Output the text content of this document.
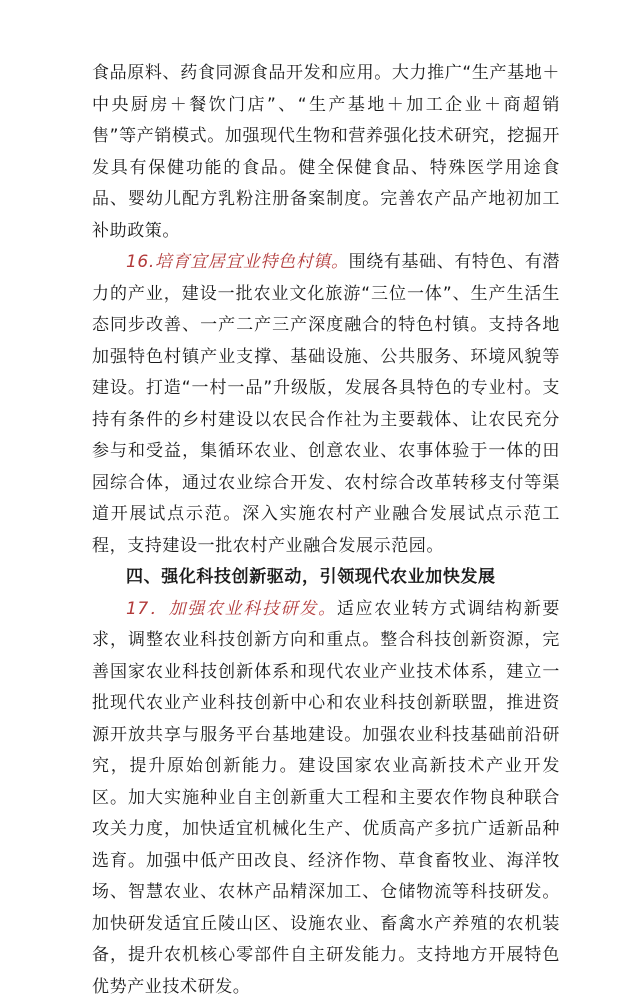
食品原料、药食同源食品开发和应用。大力推广“生产基地＋中央厨房＋餐饮门店”、“生产基地＋加工企业＋商超销售”等产销模式。加强现代生物和营养强化技术研究，挖掘开发具有保健功能的食品。健全保健食品、特殊医学用途食品、婴幼儿配方乳粉注册备案制度。完善农产品产地初加工补助政策。

16.培育宜居宜业特色村镇。围绕有基础、有特色、有潜力的产业，建设一批农业文化旅游“三位一体”、生产生活生态同步改善、一产二产三产深度融合的特色村镇。支持各地加强特色村镇产业支撑、基础设施、公共服务、环境风貌等建设。打造“一村一品”升级版，发展各具特色的专业村。支持有条件的乡村建设以农民合作社为主要载体、让农民充分参与和受益，集循环农业、创意农业、农事体验于一体的田园综合体，通过农业综合开发、农村综合改革转移支付等渠道开展试点示范。深入实施农村产业融合发展试点示范工程，支持建设一批农村产业融合发展示范园。

四、强化科技创新驱动，引领现代农业加快发展

17．加强农业科技研发。适应农业转方式调结构新要求，调整农业科技创新方向和重点。整合科技创新资源，完善国家农业科技创新体系和现代农业产业技术体系，建立一批现代农业产业科技创新中心和农业科技创新联盟，推进资源开放共享与服务平台基地建设。加强农业科技基础前沿研究，提升原始创新能力。建设国家农业高新技术产业开发区。加大实施种业自主创新重大工程和主要农作物良种联合攻关力度，加快适宜机械化生产、优质高产多抗广适新品种选育。加强中低产田改良、经济作物、草食畜牧业、海洋牧场、智慧农业、农林产品精深加工、仓储物流等科技研发。加快研发适宜丘陵山区、设施农业、畜禽水产养殖的农机装备，提升农机核心零部件自主研发能力。支持地方开展特色优势产业技术研发。
